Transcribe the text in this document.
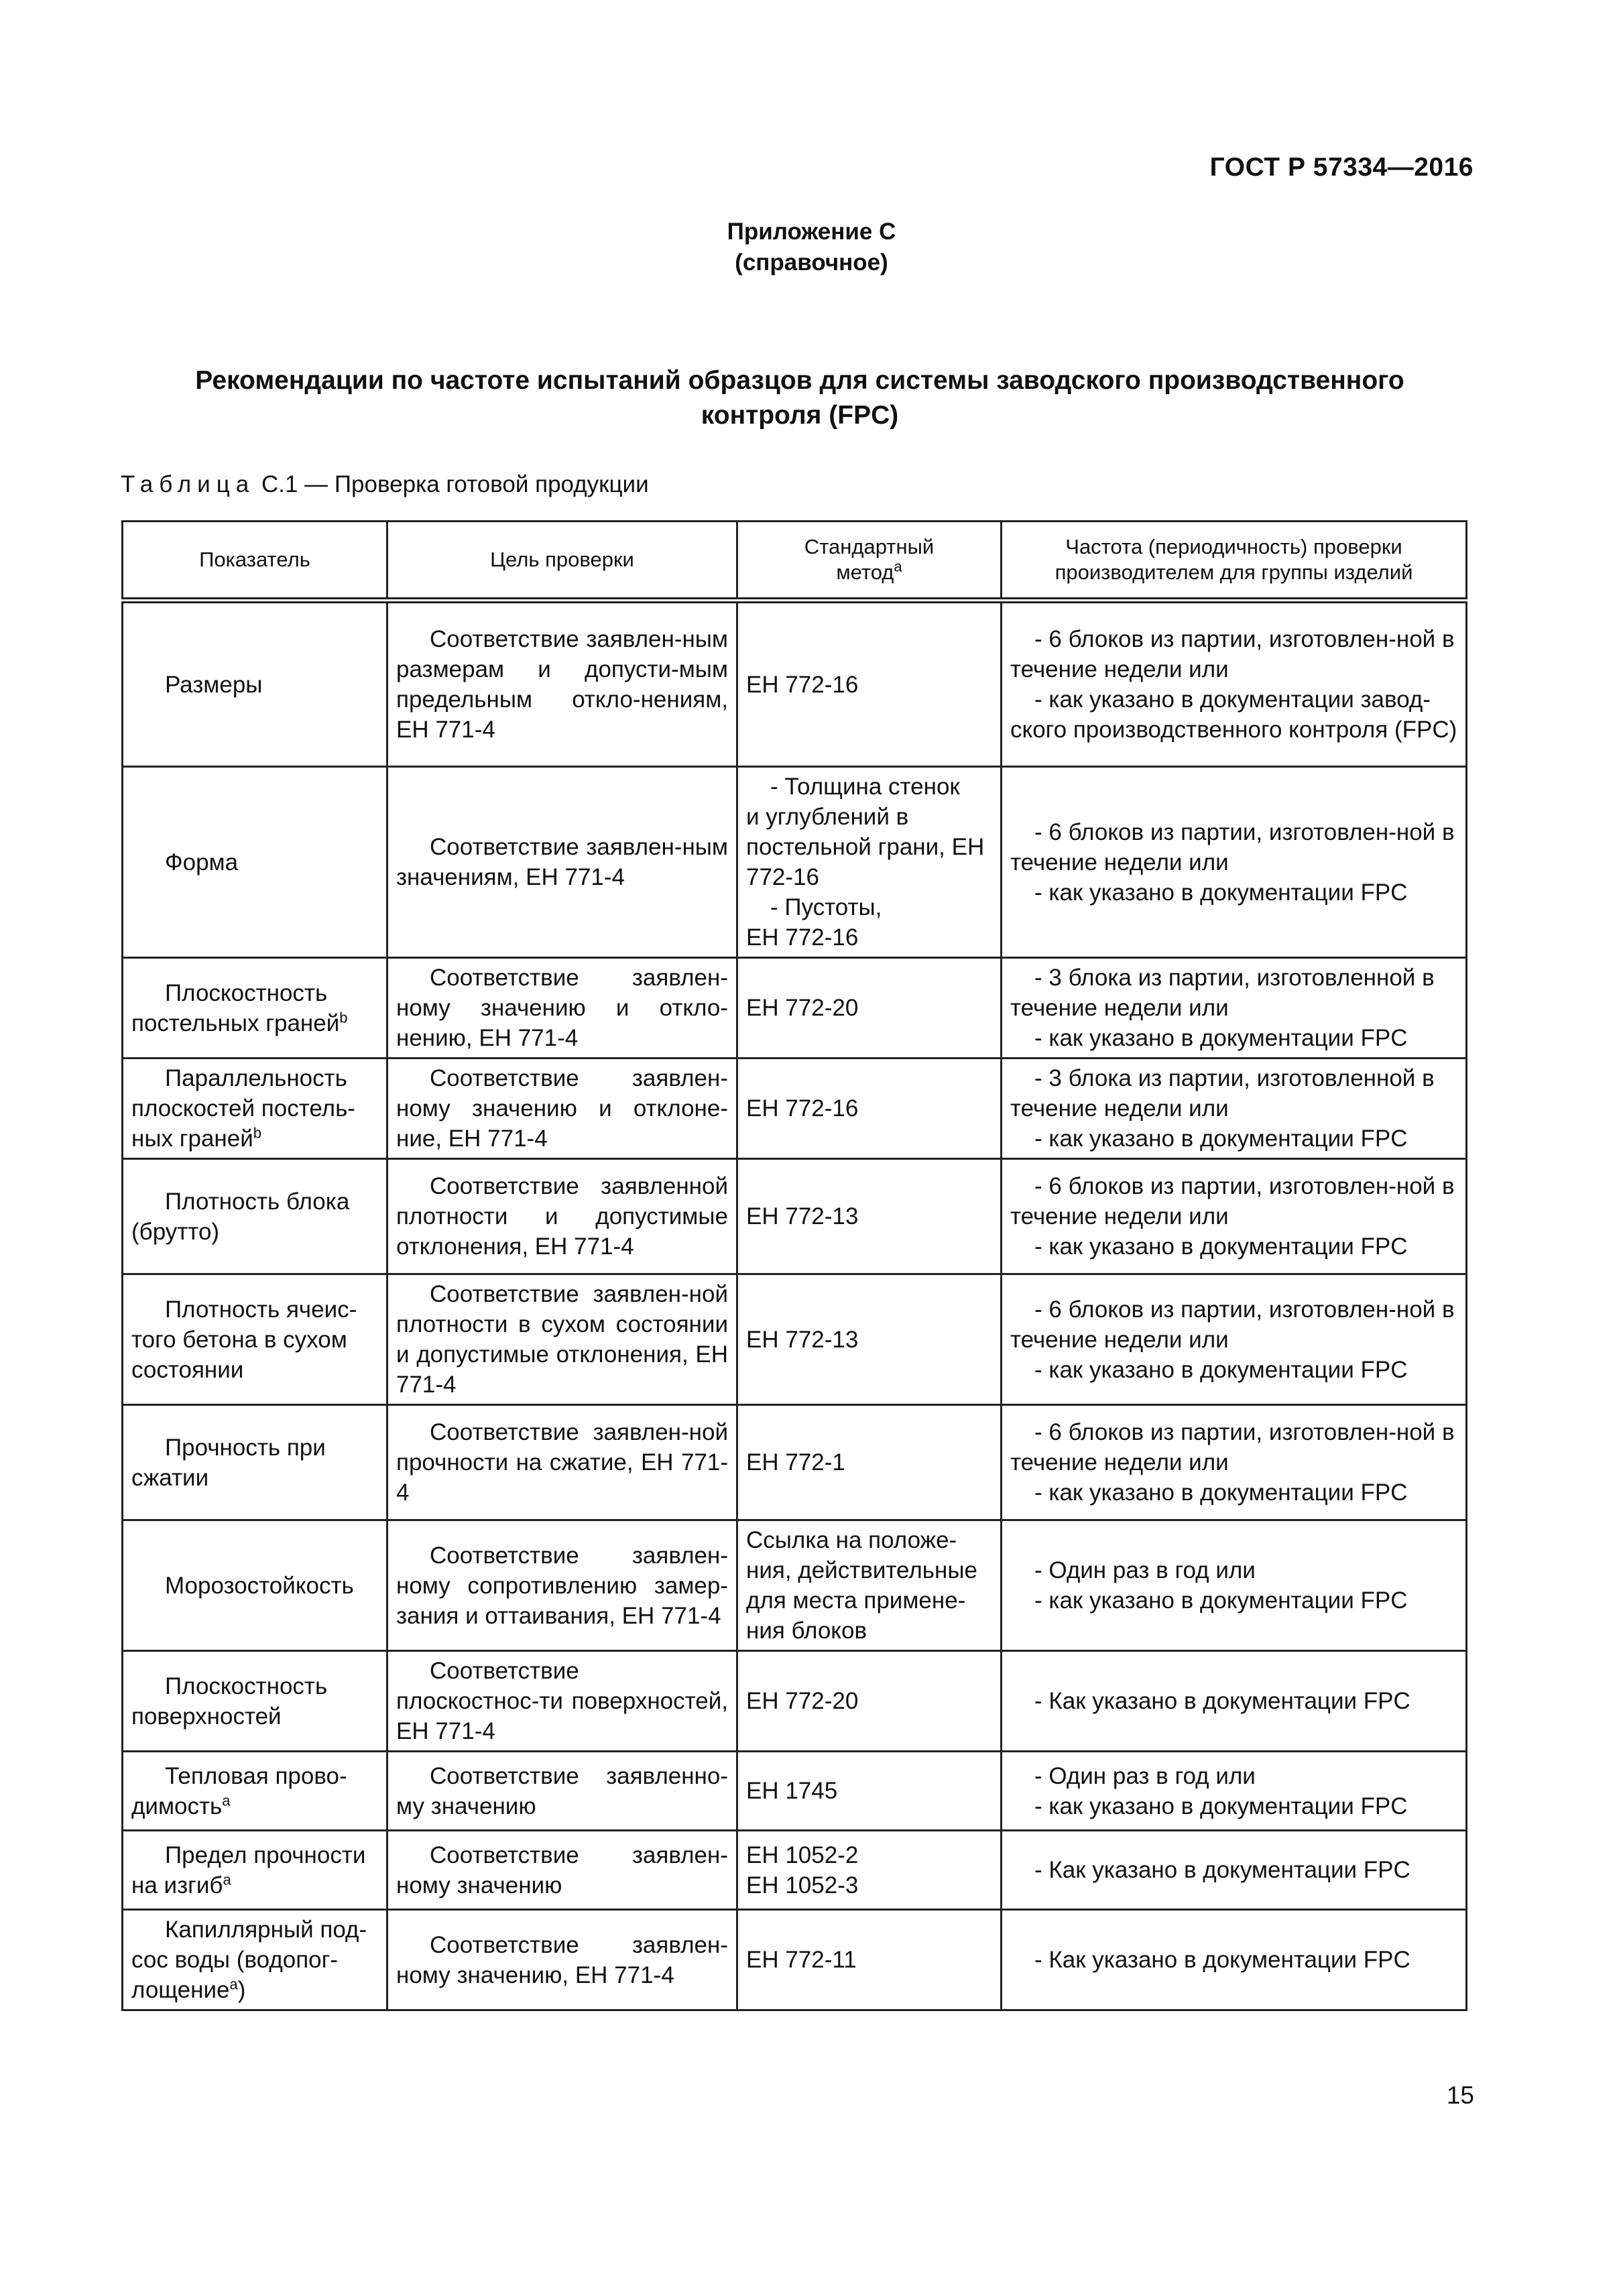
ГОСТ Р 57334—2016
Приложение С
(справочное)
Рекомендации по частоте испытаний образцов для системы заводского производственного
контроля (FPC)
Таблица С.1 — Проверка готовой продукции
Показатель	Цель проверки	Стандартный
метод$^a$	Частота (периодичность) проверки
производителем для группы изделий

Размеры	Соответствие заявлен-ным размерам и допусти-мым предельным откло-нениям, ЕН 771-4	ЕН 772-16	- 6 блоков из партии, изготовлен-ной в течение недели или
- как указано в документации завод-ского производственного контроля (FPC)

Форма	Соответствие заявлен-ным значениям, ЕН 771-4	- Толщина стенок
и углублений в постельной грани, ЕН 772-16
- Пустоты,
ЕН 772-16	- 6 блоков из партии, изготовлен-ной в течение недели или
- как указано в документации FPC

Плоскостность постельных граней$^b$	Соответствие заявлен-ному значению и откло-нению, ЕН 771-4	ЕН 772-20	- 3 блока из партии, изготовленной в течение недели или
- как указано в документации FPC

Параллельность плоскостей постель-ных граней$^b$	Соответствие заявлен-ному значению и отклоне-ние, ЕН 771-4	ЕН 772-16	- 3 блока из партии, изготовленной в течение недели или
- как указано в документации FPC

Плотность блока (брутто)	Соответствие заявленной плотности и допустимые отклонения, ЕН 771-4	ЕН 772-13	- 6 блоков из партии, изготовлен-ной в течение недели или
- как указано в документации FPC

Плотность ячеис-того бетона в сухом состоянии	Соответствие заявлен-ной плотности в сухом состоянии и допустимые отклонения, ЕН 771-4	ЕН 772-13	- 6 блоков из партии, изготовлен-ной в течение недели или
- как указано в документации FPC

Прочность при сжатии	Соответствие заявлен-ной прочности на сжатие, ЕН 771-4	ЕН 772-1	- 6 блоков из партии, изготовлен-ной в течение недели или
- как указано в документации FPC

Морозостойкость	Соответствие заявлен-ному сопротивлению замер-зания и оттаивания, ЕН 771-4	Ссылка на положе-ния, действительные для места примене-ния блоков	- Один раз в год или
- как указано в документации FPC

Плоскостность поверхностей	Соответствие плоскостнос-ти поверхностей, ЕН 771-4	ЕН 772-20	- Как указано в документации FPC

Тепловая прово-димость$^a$	Соответствие заявленно-му значению	ЕН 1745	- Один раз в год или
- как указано в документации FPC

Предел прочности на изгиб$^a$	Соответствие заявлен-ному значению	ЕН 1052-2
ЕН 1052-3	- Как указано в документации FPC

Капиллярный под-сос воды (водопог-лощение$^a$)	Соответствие заявлен-ному значению, ЕН 771-4	ЕН 772-11	- Как указано в документации FPC
15
